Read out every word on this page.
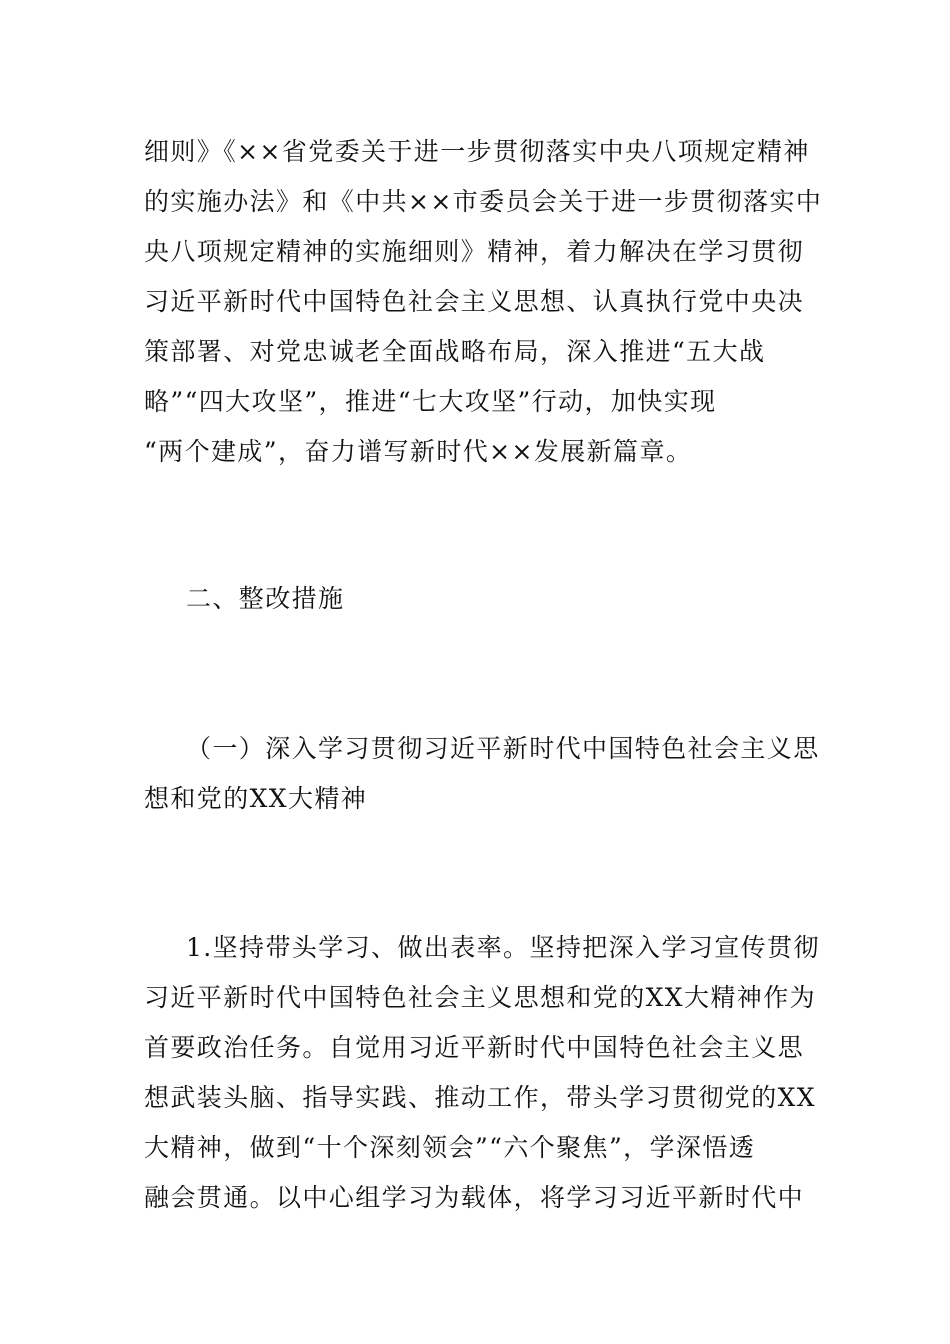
细则》《××省党委关于进一步贯彻落实中央八项规定精神
的实施办法》和《中共××市委员会关于进一步贯彻落实中
央八项规定精神的实施细则》精神，着力解决在学习贯彻
习近平新时代中国特色社会主义思想、认真执行党中央决
策部署、对党忠诚老全面战略布局，深入推进“五大战
略”“四大攻坚”，推进“七大攻坚”行动，加快实现
“两个建成”，奋力谱写新时代××发展新篇章。
二、整改措施
（一）深入学习贯彻习近平新时代中国特色社会主义思
想和党的XX大精神
1.坚持带头学习、做出表率。坚持把深入学习宣传贯彻
习近平新时代中国特色社会主义思想和党的XX大精神作为
首要政治任务。自觉用习近平新时代中国特色社会主义思
想武装头脑、指导实践、推动工作，带头学习贯彻党的XX
大精神，做到“十个深刻领会”“六个聚焦”，学深悟透
融会贯通。以中心组学习为载体，将学习习近平新时代中
